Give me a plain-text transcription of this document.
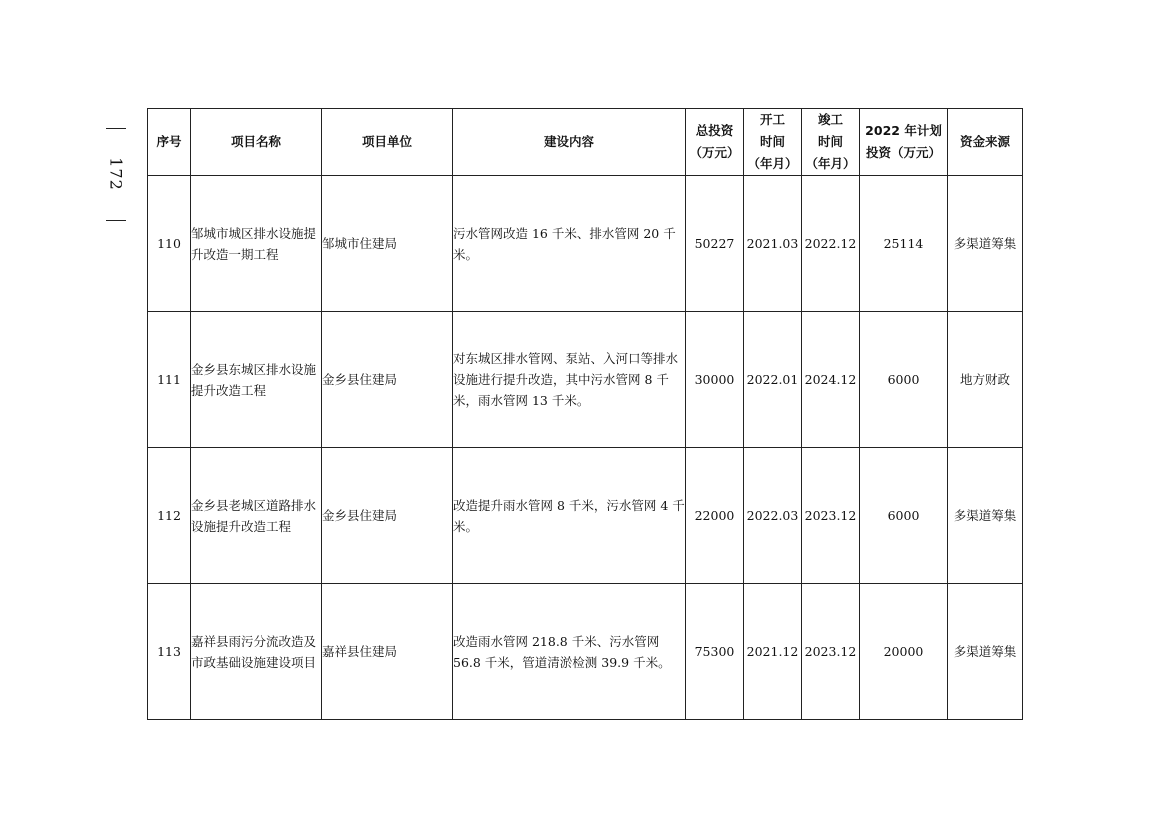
172
序号	项目名称	项目单位	建设内容	总投资
（万元）	开工
时间
（年月）	竣工
时间
（年月）	2022 年计划
投资（万元）	资金来源
110	邹城市城区排水设施提升改造一期工程	邹城市住建局	污水管网改造 16 千米、排水管网 20 千米。	50227	2021.03	2022.12	25114	多渠道筹集
111	金乡县东城区排水设施提升改造工程	金乡县住建局	对东城区排水管网、泵站、入河口等排水设施进行提升改造，其中污水管网 8 千米，雨水管网 13 千米。	30000	2022.01	2024.12	6000	地方财政
112	金乡县老城区道路排水设施提升改造工程	金乡县住建局	改造提升雨水管网 8 千米，污水管网 4 千米。	22000	2022.03	2023.12	6000	多渠道筹集
113	嘉祥县雨污分流改造及市政基础设施建设项目	嘉祥县住建局	改造雨水管网 218.8 千米、污水管网 56.8 千米，管道清淤检测 39.9 千米。	75300	2021.12	2023.12	20000	多渠道筹集
